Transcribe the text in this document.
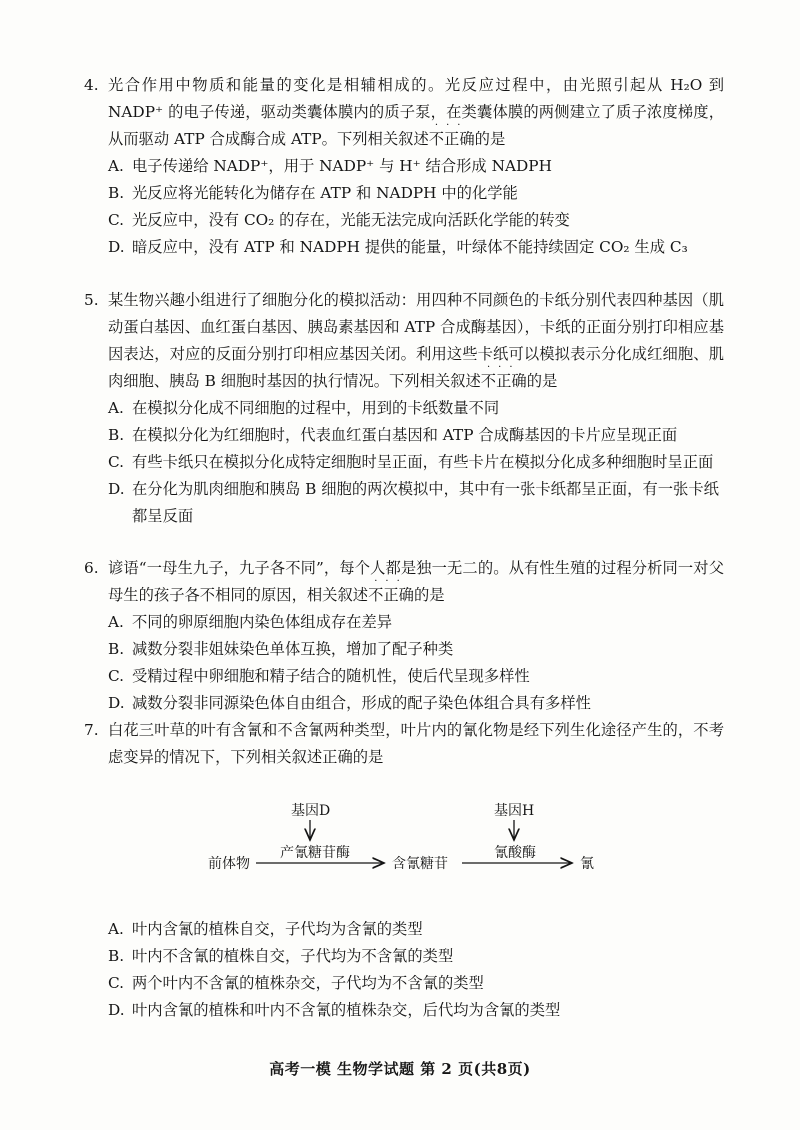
4. 光合作用中物质和能量的变化是相辅相成的。光反应过程中，由光照引起从 H₂O 到 NADP⁺ 的电子传递，驱动类囊体膜内的质子泵，在类囊体膜的两侧建立了质子浓度梯度，从而驱动 ATP 合成酶合成 ATP。下列相关叙述
···
不正确的是
A. 电子传递给 NADP⁺，用于 NADP⁺ 与 H⁺ 结合形成 NADPH
B. 光反应将光能转化为储存在 ATP 和 NADPH 中的化学能
C. 光反应中，没有 CO₂ 的存在，光能无法完成向活跃化学能的转变
D. 暗反应中，没有 ATP 和 NADPH 提供的能量，叶绿体不能持续固定 CO₂ 生成 C₃
5. 某生物兴趣小组进行了细胞分化的模拟活动：用四种不同颜色的卡纸分别代表四种基因（肌动蛋白基因、血红蛋白基因、胰岛素基因和 ATP 合成酶基因），卡纸的正面分别打印相应基因表达，对应的反面分别打印相应基因关闭。利用这些卡纸可以模拟表示分化成红细胞、肌肉细胞、胰岛 B 细胞时基因的执行情况。下列相关叙述
···
不正确的是
A. 在模拟分化成不同细胞的过程中，用到的卡纸数量不同
B. 在模拟分化为红细胞时，代表血红蛋白基因和 ATP 合成酶基因的卡片应呈现正面
C. 有些卡纸只在模拟分化成特定细胞时呈正面，有些卡片在模拟分化成多种细胞时呈正面
D. 在分化为肌肉细胞和胰岛 B 细胞的两次模拟中，其中有一张卡纸都呈正面，有一张卡纸都呈反面
6. 谚语“一母生九子，九子各不同”，每个人都是独一无二的。从有性生殖的过程分析同一对父母生的孩子各不相同的原因，相关叙述
···
不正确的是
A. 不同的卵原细胞内染色体组成存在差异
B. 减数分裂非姐妹染色单体互换，增加了配子种类
C. 受精过程中卵细胞和精子结合的随机性，使后代呈现多样性
D. 减数分裂非同源染色体自由组合，形成的配子染色体组合具有多样性
7. 白花三叶草的叶有含氰和不含氰两种类型，叶片内的氰化物是经下列生化途径产生的，不考虑变异的情况下，下列相关叙述正确的是
基因D	基因H
前体物
产氰糖苷酶
含氰糖苷
氰酸酶
氰
A. 叶内含氰的植株自交，子代均为含氰的类型
B. 叶内不含氰的植株自交，子代均为不含氰的类型
C. 两个叶内不含氰的植株杂交，子代均为不含氰的类型
D. 叶内含氰的植株和叶内不含氰的植株杂交，后代均为含氰的类型
高考一模 生物学试题 第 2 页(共8页)
